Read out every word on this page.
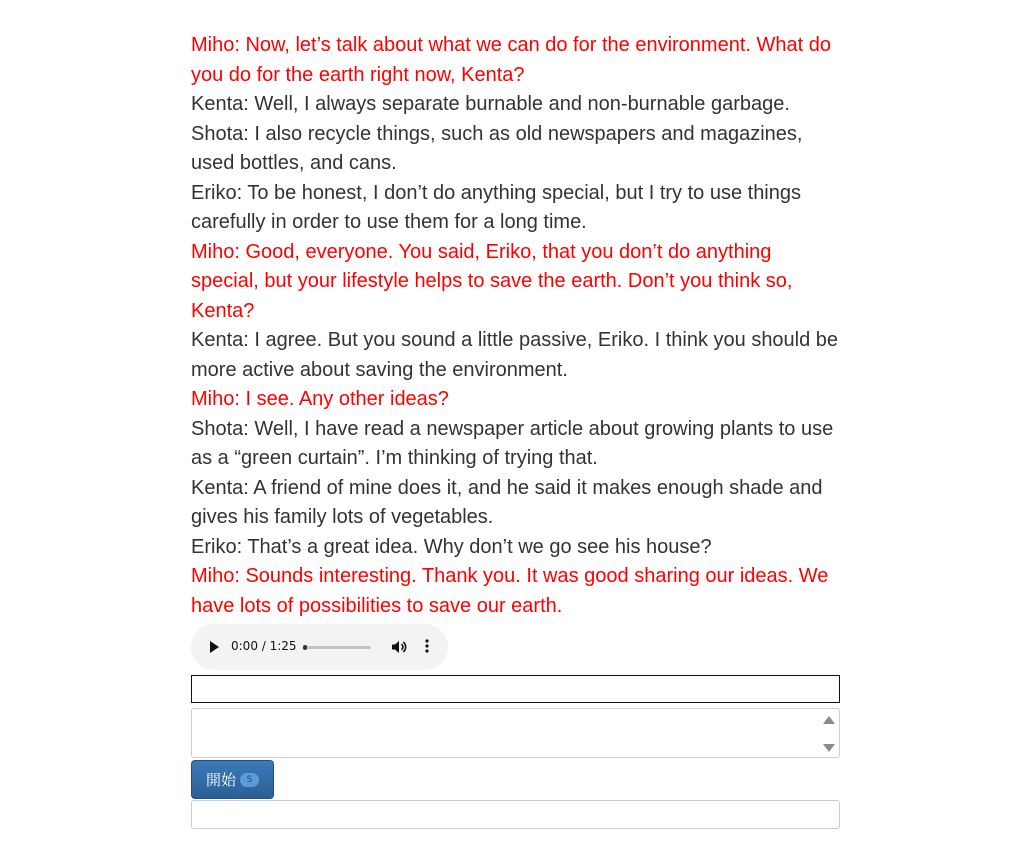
Miho: Now, let’s talk about what we can do for the environment. What do you do for the earth right now, Kenta?
Kenta: Well, I always separate burnable and non-burnable garbage.
Shota: I also recycle things, such as old newspapers and magazines, used bottles, and cans.
Eriko: To be honest, I don’t do anything special, but I try to use things carefully in order to use them for a long time.
Miho: Good, everyone. You said, Eriko, that you don’t do anything special, but your lifestyle helps to save the earth. Don’t you think so, Kenta?
Kenta: I agree. But you sound a little passive, Eriko. I think you should be more active about saving the environment.
Miho: I see. Any other ideas?
Shota: Well, I have read a newspaper article about growing plants to use as a “green curtain”. I’m thinking of trying that.
Kenta: A friend of mine does it, and he said it makes enough shade and gives his family lots of vegetables.
Eriko: That’s a great idea. Why don’t we go see his house?
Miho: Sounds interesting. Thank you. It was good sharing our ideas. We have lots of possibilities to save our earth.
0:00 / 1:25
開始	S
